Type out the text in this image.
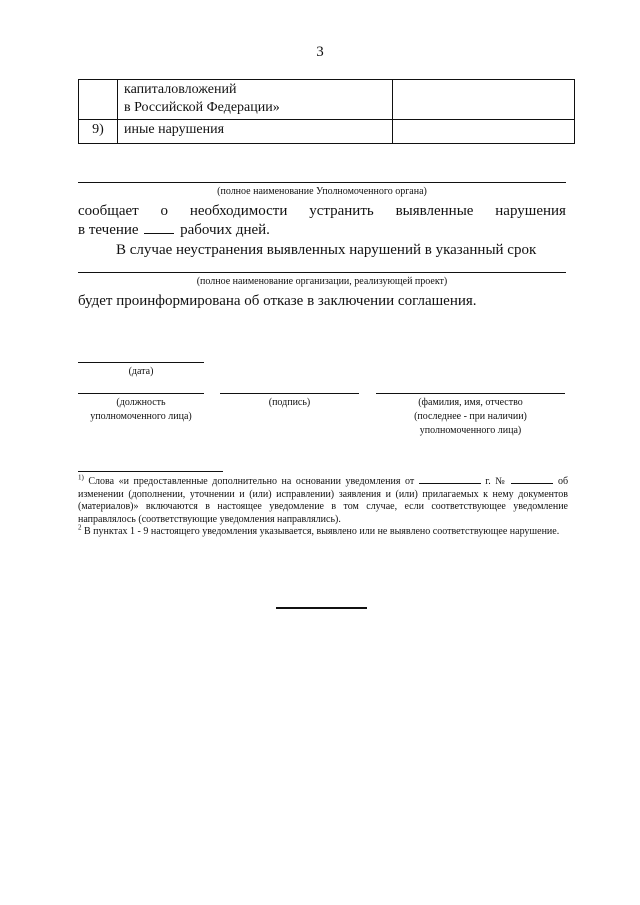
3

	капиталовложений
в Российской Федерации»	

9)	иные нарушения	

(полное наименование Уполномоченного органа)
сообщает о необходимости устранить выявленные нарушения
в течение	рабочих дней.
В случае неустранения выявленных нарушений в указанный срок
(полное наименование организации, реализующей проект)
будет проинформирована об отказе в заключении соглашения.
(дата)
(должность
уполномоченного лица)
(подпись)	(фамилия, имя, отчество
(последнее - при наличии)
уполномоченного лица)
$^{1)}$ Слова «и предоставленные дополнительно на основании уведомления от	г. №	об изменении (дополнении, уточнении и (или) исправлении) заявления и (или) прилагаемых к нему документов (материалов)» включаются в настоящее уведомление в том случае, если соответствующее уведомление направлялось (соответствующие уведомления направлялись).
$^2$ В пунктах 1 - 9 настоящего уведомления указывается, выявлено или не выявлено соответствующее нарушение.
